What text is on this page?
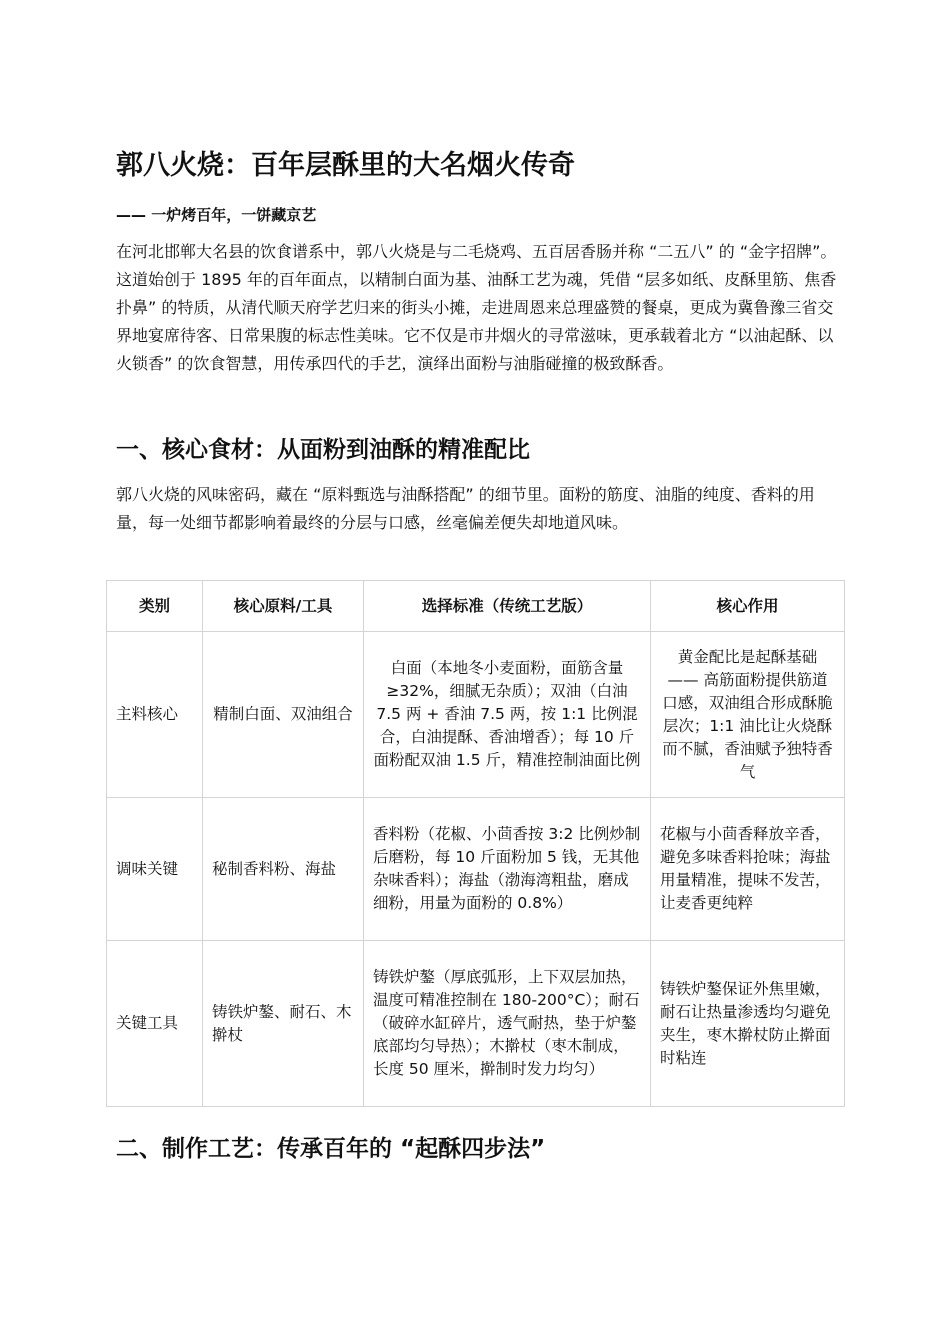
郭八火烧：百年层酥里的大名烟火传奇

—— 一炉烤百年，一饼藏京艺

在河北邯郸大名县的饮食谱系中，郭八火烧是与二毛烧鸡、五百居香肠并称 “二五八” 的 “金字招牌”。这道始创于 1895 年的百年面点，以精制白面为基、油酥工艺为魂，凭借 “层多如纸、皮酥里筋、焦香扑鼻” 的特质，从清代顺天府学艺归来的街头小摊，走进周恩来总理盛赞的餐桌，更成为冀鲁豫三省交界地宴席待客、日常果腹的标志性美味。它不仅是市井烟火的寻常滋味，更承载着北方 “以油起酥、以火锁香” 的饮食智慧，用传承四代的手艺，演绎出面粉与油脂碰撞的极致酥香。

一、核心食材：从面粉到油酥的精准配比

郭八火烧的风味密码，藏在 “原料甄选与油酥搭配” 的细节里。面粉的筋度、油脂的纯度、香料的用量，每一处细节都影响着最终的分层与口感，丝毫偏差便失却地道风味。

类别	核心原料/工具	选择标准（传统工艺版）	核心作用
主料核心	精制白面、双油组合	白面（本地冬小麦面粉，面筋含量≥32%，细腻无杂质）；双油（白油 7.5 两 + 香油 7.5 两，按 1:1 比例混合，白油提酥、香油增香）；每 10 斤面粉配双油 1.5 斤，精准控制油面比例	黄金配比是起酥基础 —— 高筋面粉提供筋道口感，双油组合形成酥脆层次；1:1 油比让火烧酥而不腻，香油赋予独特香气
调味关键	秘制香料粉、海盐	香料粉（花椒、小茴香按 3:2 比例炒制后磨粉，每 10 斤面粉加 5 钱，无其他杂味香料）；海盐（渤海湾粗盐，磨成细粉，用量为面粉的 0.8%）	花椒与小茴香释放辛香，避免多味香料抢味；海盐用量精准，提味不发苦，让麦香更纯粹
关键工具	铸铁炉鏊、耐石、木擀杖	铸铁炉鏊（厚底弧形，上下双层加热，温度可精准控制在 180-200°C）；耐石（破碎水缸碎片，透气耐热，垫于炉鏊底部均匀导热）；木擀杖（枣木制成，长度 50 厘米，擀制时发力均匀）	铸铁炉鏊保证外焦里嫩，耐石让热量渗透均匀避免夹生，枣木擀杖防止擀面时粘连
二、制作工艺：传承百年的 “起酥四步法”
